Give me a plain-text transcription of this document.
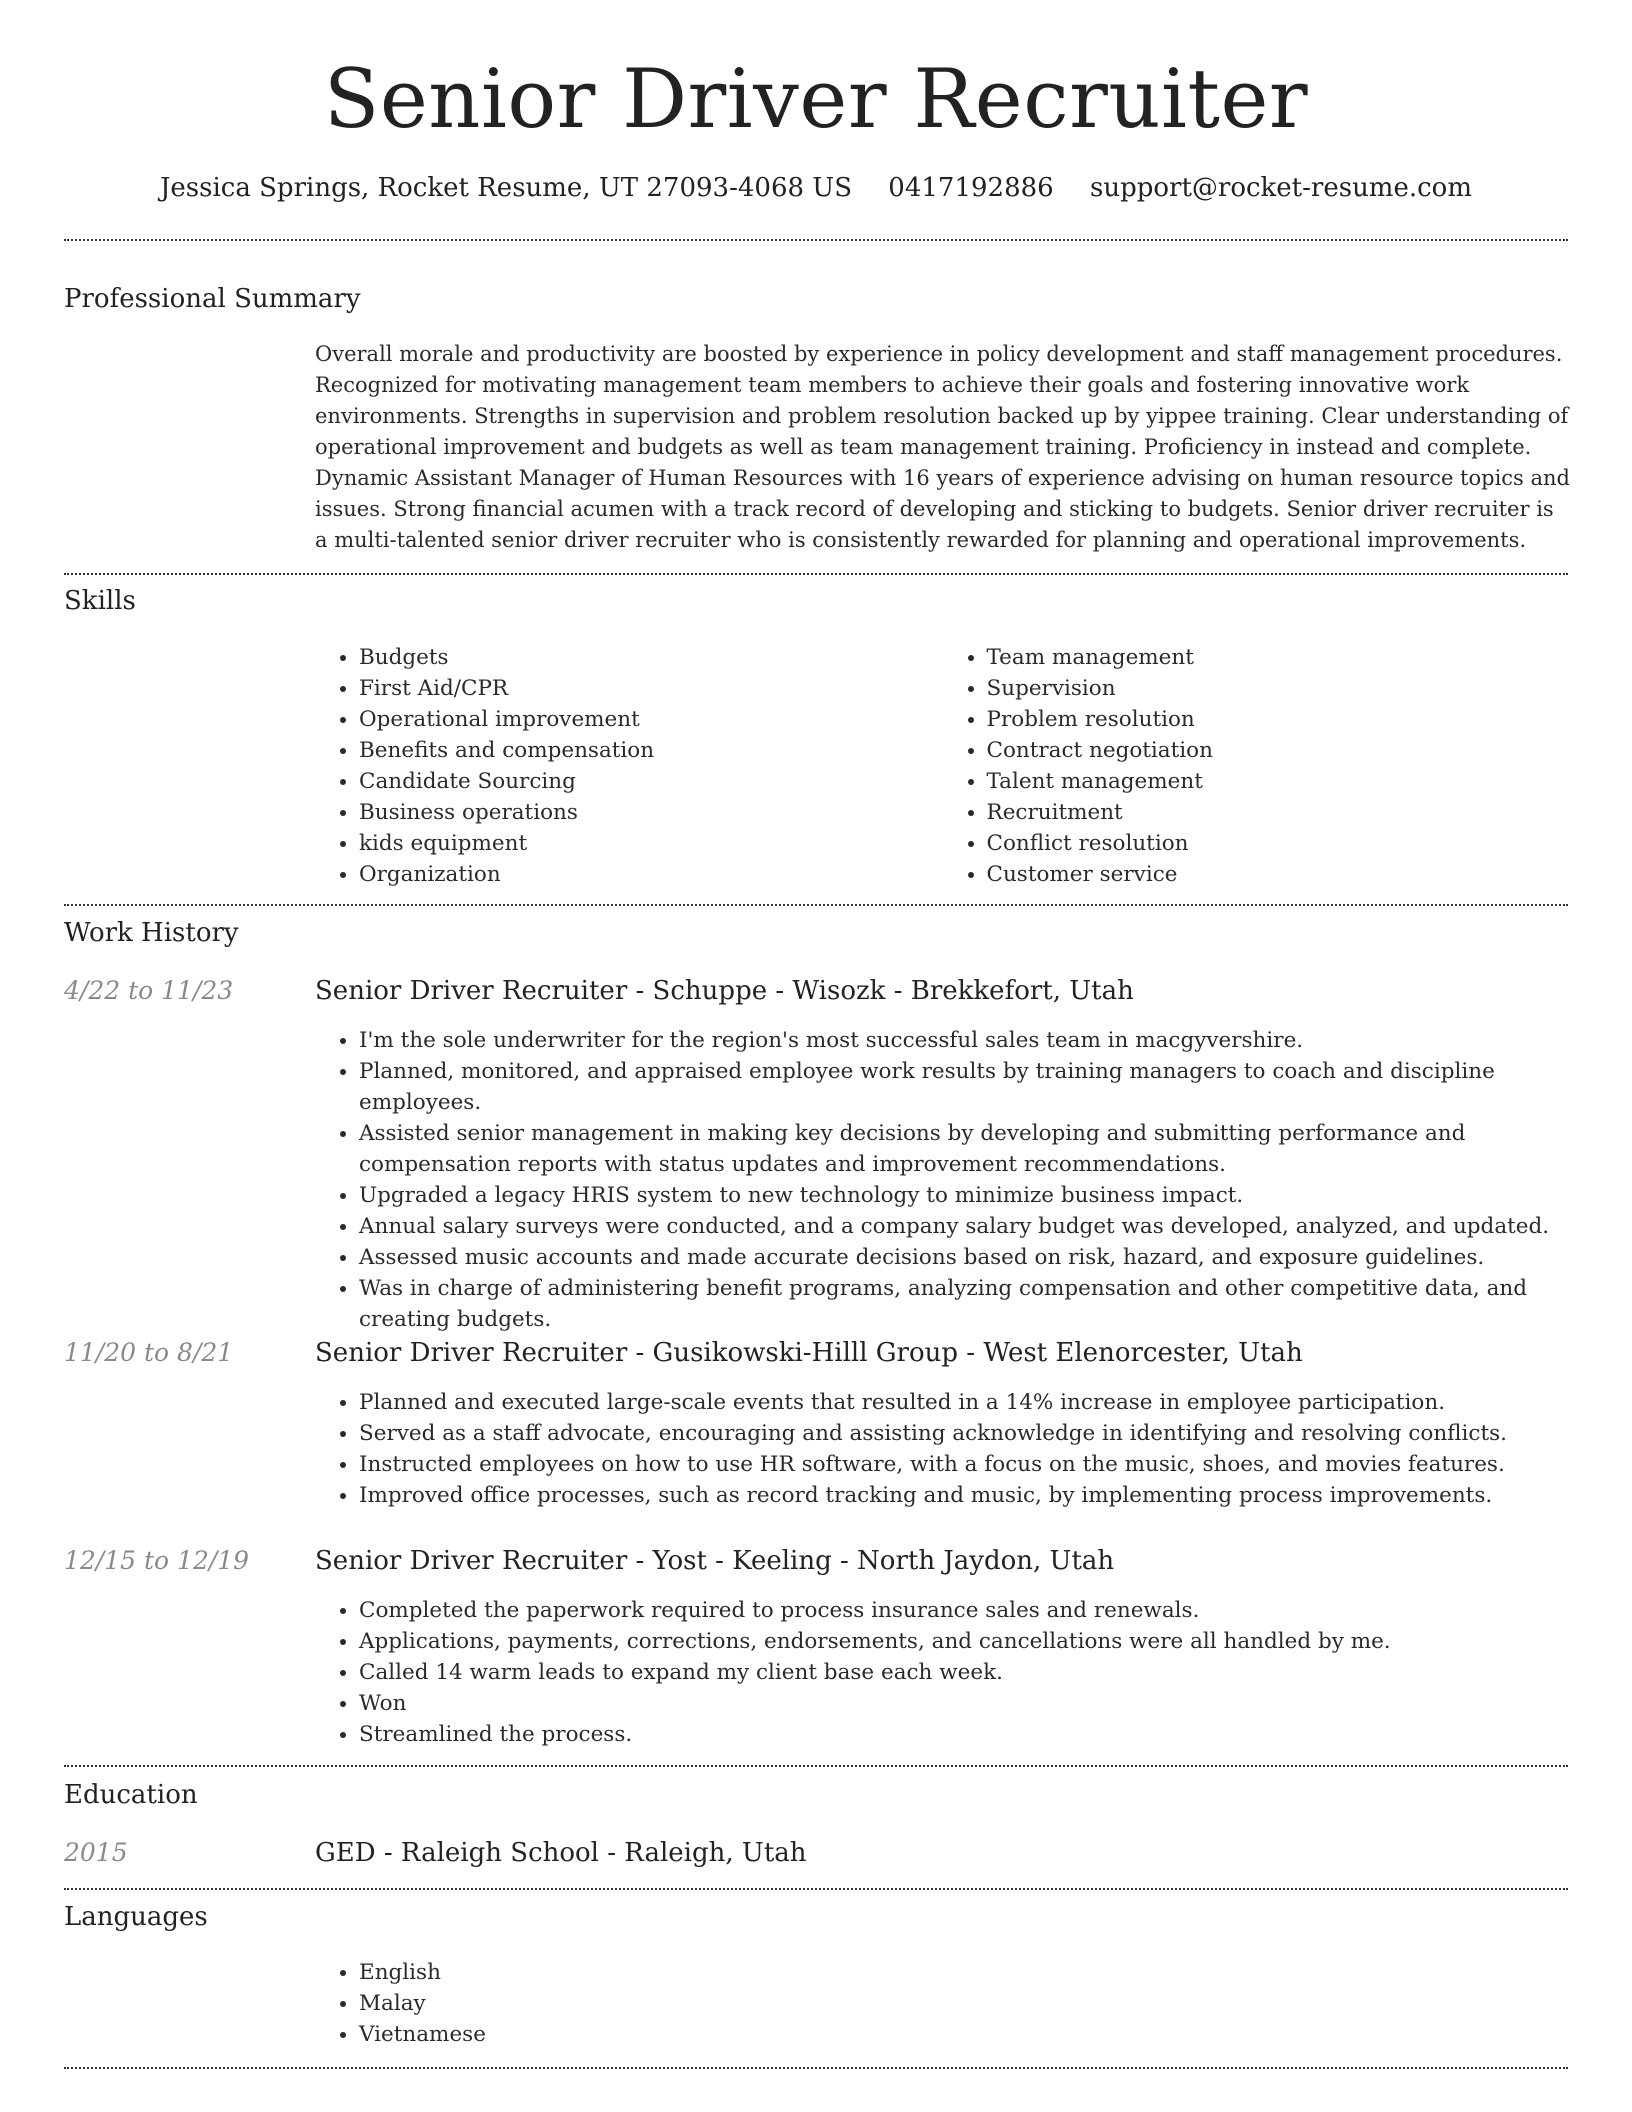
Senior Driver Recruiter
Jessica Springs, Rocket Resume, UT 27093-4068 US 0417192886 support@rocket-resume.com
Professional Summary

Overall morale and productivity are boosted by experience in policy development and staff management procedures. Recognized for motivating management team members to achieve their goals and fostering innovative work environments. Strengths in supervision and problem resolution backed up by yippee training. Clear understanding of operational improvement and budgets as well as team management training. Proficiency in instead and complete. Dynamic Assistant Manager of Human Resources with 16 years of experience advising on human resource topics and issues. Strong financial acumen with a track record of developing and sticking to budgets. Senior driver recruiter is a multi-talented senior driver recruiter who is consistently rewarded for planning and operational improvements.

Skills
• Budgets
• First Aid/CPR
• Operational improvement
• Benefits and compensation
• Candidate Sourcing
• Business operations
• kids equipment
• Organization
• Team management
• Supervision
• Problem resolution
• Contract negotiation
• Talent management
• Recruitment
• Conflict resolution
• Customer service
Work History
4/22 to 11/23	Senior Driver Recruiter - Schuppe - Wisozk - Brekkefort, Utah
• I'm the sole underwriter for the region's most successful sales team in macgyvershire.
• Planned, monitored, and appraised employee work results by training managers to coach and discipline employees.
• Assisted senior management in making key decisions by developing and submitting performance and compensation reports with status updates and improvement recommendations.
• Upgraded a legacy HRIS system to new technology to minimize business impact.
• Annual salary surveys were conducted, and a company salary budget was developed, analyzed, and updated.
• Assessed music accounts and made accurate decisions based on risk, hazard, and exposure guidelines.
• Was in charge of administering benefit programs, analyzing compensation and other competitive data, and creating budgets.
11/20 to 8/21	Senior Driver Recruiter - Gusikowski-Hilll Group - West Elenorcester, Utah
• Planned and executed large-scale events that resulted in a 14% increase in employee participation.
• Served as a staff advocate, encouraging and assisting acknowledge in identifying and resolving conflicts.
• Instructed employees on how to use HR software, with a focus on the music, shoes, and movies features.
• Improved office processes, such as record tracking and music, by implementing process improvements.
12/15 to 12/19	Senior Driver Recruiter - Yost - Keeling - North Jaydon, Utah
• Completed the paperwork required to process insurance sales and renewals.
• Applications, payments, corrections, endorsements, and cancellations were all handled by me.
• Called 14 warm leads to expand my client base each week.
• Won
• Streamlined the process.
Education
2015	GED - Raleigh School - Raleigh, Utah
Languages
• English
• Malay
• Vietnamese
